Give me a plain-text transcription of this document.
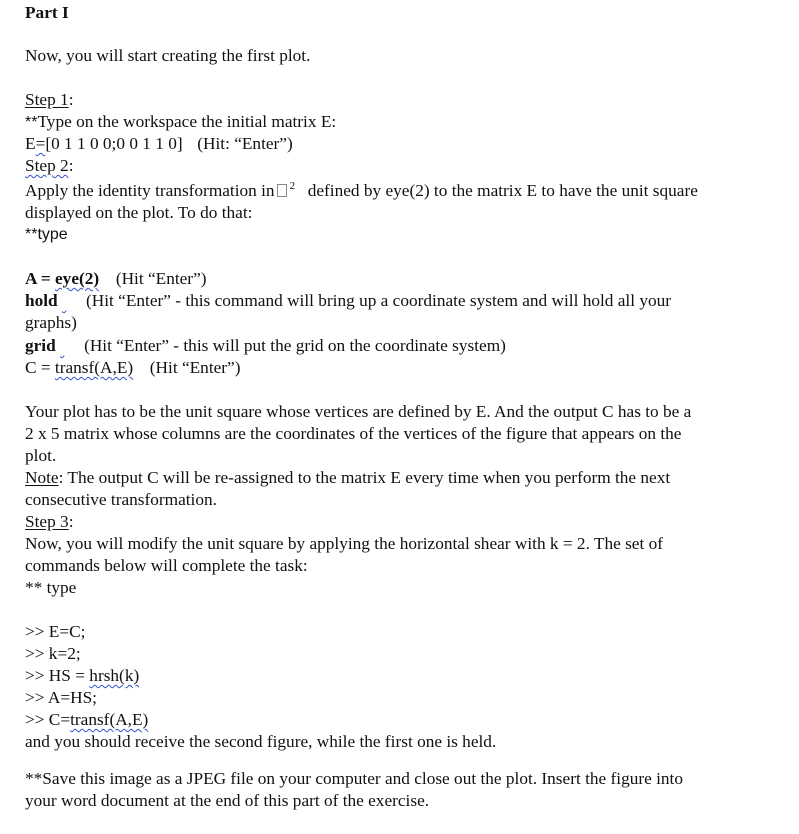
Part I
Now, you will start creating the first plot.
Step 1:
**Type on the workspace the initial matrix E:
E=[0 1 1 0 0;0 0 1 1 0] (Hit: “Enter”)
Step 2:
Apply the identity transformation in $^2$ defined by eye(2) to the matrix E to have the unit square
displayed on the plot. To do that:
**type
A = eye(2) (Hit “Enter”)
hold (Hit “Enter” - this command will bring up a coordinate system and will hold all your
graphs)
grid (Hit “Enter” - this will put the grid on the coordinate system)
C = transf(A,E) (Hit “Enter”)
Your plot has to be the unit square whose vertices are defined by E. And the output C has to be a
2 x 5 matrix whose columns are the coordinates of the vertices of the figure that appears on the
plot.
Note: The output C will be re-assigned to the matrix E every time when you perform the next
consecutive transformation.
Step 3:
Now, you will modify the unit square by applying the horizontal shear with k = 2. The set of
commands below will complete the task:
** type
>> E=C;
>> k=2;
>> HS = hrsh(k)
>> A=HS;
>> C=transf(A,E)
and you should receive the second figure, while the first one is held.
**Save this image as a JPEG file on your computer and close out the plot. Insert the figure into
your word document at the end of this part of the exercise.
